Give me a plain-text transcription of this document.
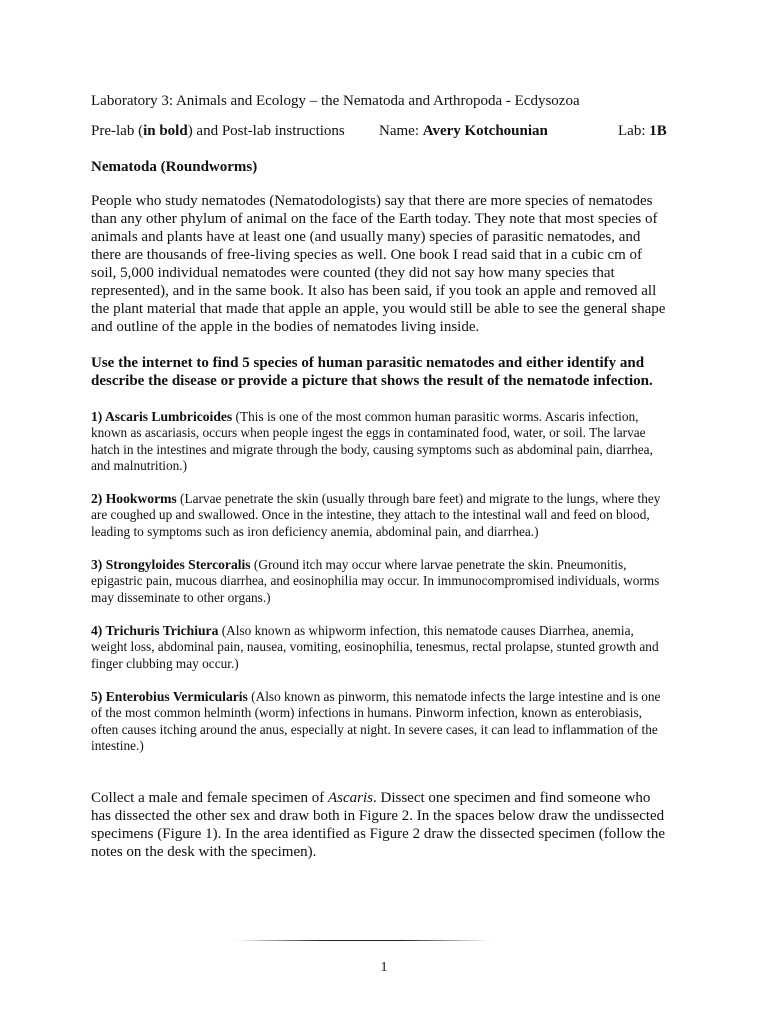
Laboratory 3: Animals and Ecology – the Nematoda and Arthropoda - Ecdysozoa
Pre-lab (in bold) and Post-lab instructions Name: Avery Kotchounian	Lab: 1B
Nematoda (Roundworms)

People who study nematodes (Nematodologists) say that there are more species of nematodes than any other phylum of animal on the face of the Earth today. They note that most species of animals and plants have at least one (and usually many) species of parasitic nematodes, and there are thousands of free-living species as well. One book I read said that in a cubic cm of soil, 5,000 individual nematodes were counted (they did not say how many species that represented), and in the same book. It also has been said, if you took an apple and removed all the plant material that made that apple an apple, you would still be able to see the general shape and outline of the apple in the bodies of nematodes living inside.

Use the internet to find 5 species of human parasitic nematodes and either identify and describe the disease or provide a picture that shows the result of the nematode infection.

1) Ascaris Lumbricoides (This is one of the most common human parasitic worms. Ascaris infection, known as ascariasis, occurs when people ingest the eggs in contaminated food, water, or soil. The larvae hatch in the intestines and migrate through the body, causing symptoms such as abdominal pain, diarrhea, and malnutrition.)

2) Hookworms (Larvae penetrate the skin (usually through bare feet) and migrate to the lungs, where they are coughed up and swallowed. Once in the intestine, they attach to the intestinal wall and feed on blood, leading to symptoms such as iron deficiency anemia, abdominal pain, and diarrhea.)

3) Strongyloides Stercoralis (Ground itch may occur where larvae penetrate the skin. Pneumonitis, epigastric pain, mucous diarrhea, and eosinophilia may occur. In immunocompromised individuals, worms may disseminate to other organs.)

4) Trichuris Trichiura (Also known as whipworm infection, this nematode causes Diarrhea, anemia, weight loss, abdominal pain, nausea, vomiting, eosinophilia, tenesmus, rectal prolapse, stunted growth and finger clubbing may occur.)

5) Enterobius Vermicularis (Also known as pinworm, this nematode infects the large intestine and is one of the most common helminth (worm) infections in humans. Pinworm infection, known as enterobiasis, often causes itching around the anus, especially at night. In severe cases, it can lead to inflammation of the intestine.)

Collect a male and female specimen of Ascaris. Dissect one specimen and find someone who has dissected the other sex and draw both in Figure 2. In the spaces below draw the undissected specimens (Figure 1). In the area identified as Figure 2 draw the dissected specimen (follow the notes on the desk with the specimen).

1
